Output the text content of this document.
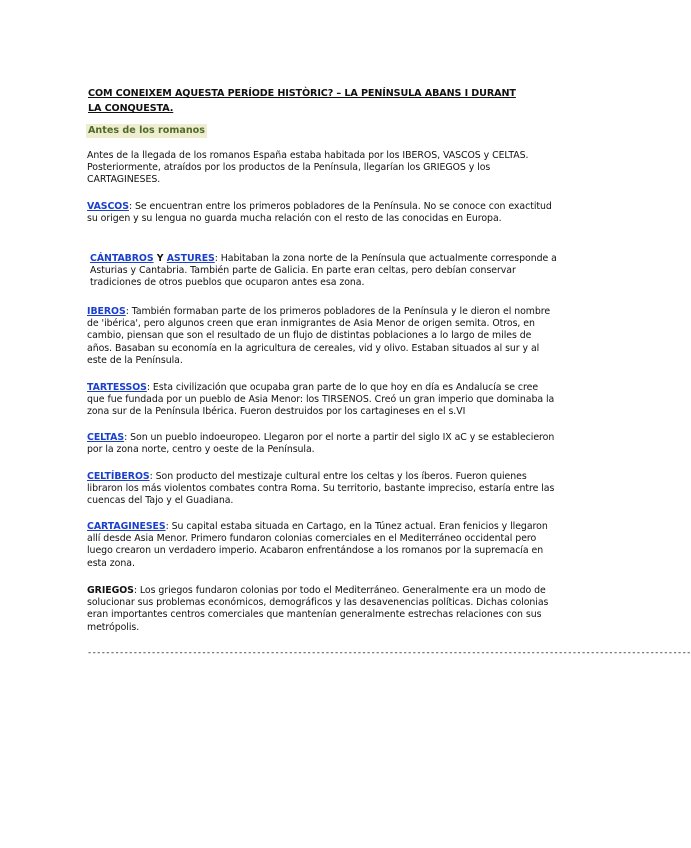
COM CONEIXEM AQUESTA PERÍODE HISTÒRIC? – LA PENÍNSULA ABANS I DURANT LA CONQUESTA.
Antes de los romanos

Antes de la llegada de los romanos España estaba habitada por los IBEROS, VASCOS y CELTAS. Posteriormente, atraídos por los productos de la Península, llegarían los GRIEGOS y los CARTAGINESES.

VASCOS: Se encuentran entre los primeros pobladores de la Península. No se conoce con exactitud su origen y su lengua no guarda mucha relación con el resto de las conocidas en Europa.

CÁNTABROS Y ASTURES: Habitaban la zona norte de la Península que actualmente corresponde a Asturias y Cantabria. También parte de Galicia. En parte eran celtas, pero debían conservar tradiciones de otros pueblos que ocuparon antes esa zona.

IBEROS: También formaban parte de los primeros pobladores de la Península y le dieron el nombre de 'ibérica', pero algunos creen que eran inmigrantes de Asia Menor de origen semita. Otros, en cambio, piensan que son el resultado de un flujo de distintas poblaciones a lo largo de miles de años. Basaban su economía en la agricultura de cereales, vid y olivo. Estaban situados al sur y al este de la Península.

TARTESSOS: Esta civilización que ocupaba gran parte de lo que hoy en día es Andalucía se cree que fue fundada por un pueblo de Asia Menor: los TIRSENOS. Creó un gran imperio que dominaba la zona sur de la Península Ibérica. Fueron destruidos por los cartagineses en el s.VI

CELTAS: Son un pueblo indoeuropeo. Llegaron por el norte a partir del siglo IX aC y se establecieron por la zona norte, centro y oeste de la Península.

CELTÍBEROS: Son producto del mestizaje cultural entre los celtas y los íberos. Fueron quienes libraron los más violentos combates contra Roma. Su territorio, bastante impreciso, estaría entre las cuencas del Tajo y el Guadiana.

CARTAGINESES: Su capital estaba situada en Cartago, en la Túnez actual. Eran fenicios y llegaron allí desde Asia Menor. Primero fundaron colonias comerciales en el Mediterráneo occidental pero luego crearon un verdadero imperio. Acabaron enfrentándose a los romanos por la supremacía en esta zona.

GRIEGOS: Los griegos fundaron colonias por todo el Mediterráneo. Generalmente era un modo de solucionar sus problemas económicos, demográficos y las desavenencias políticas. Dichas colonias eran importantes centros comerciales que mantenían generalmente estrechas relaciones con sus metrópolis.

------------------------------------------------------------------------------------------------------------------------------------
